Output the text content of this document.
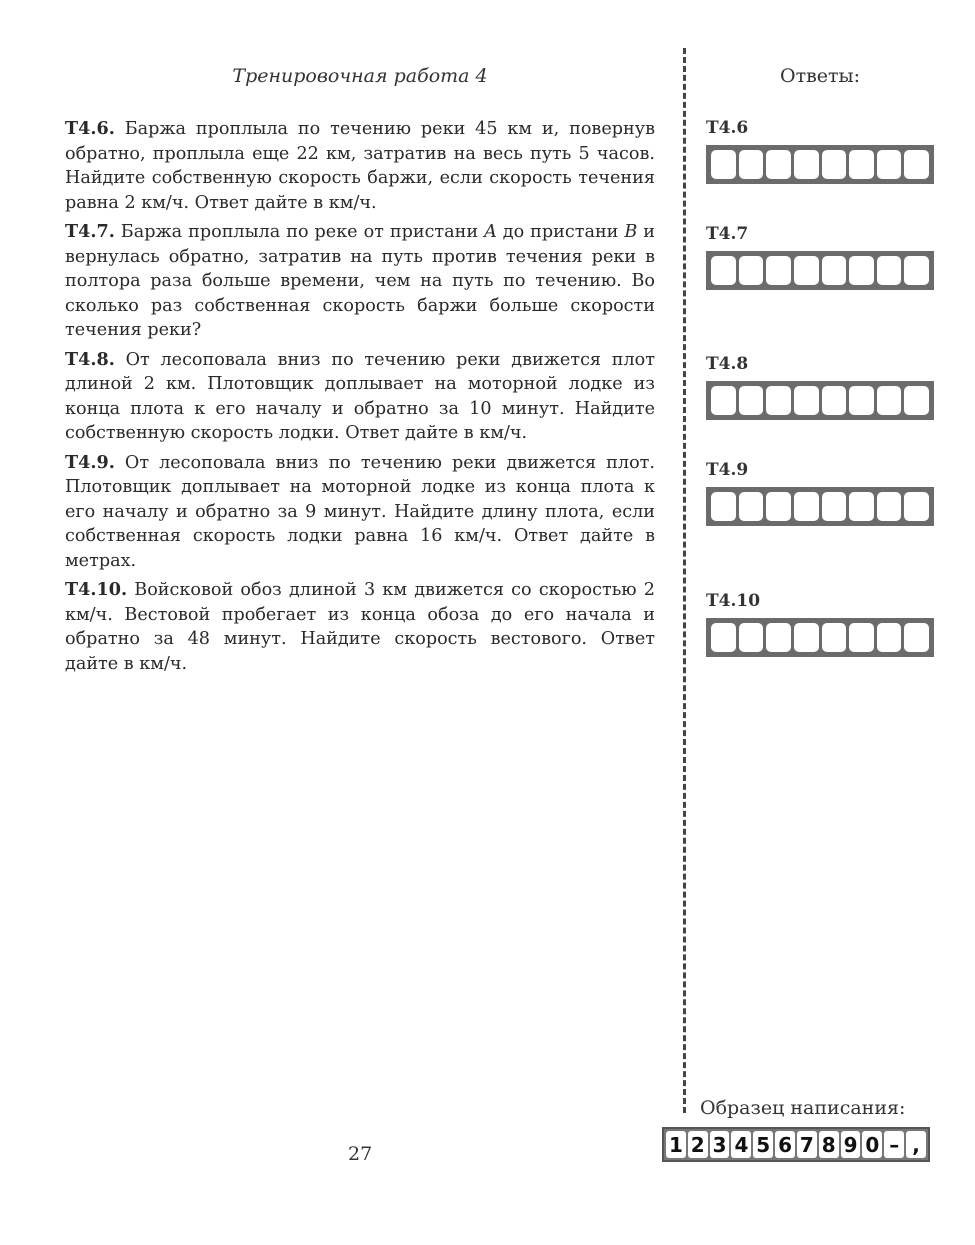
Тренировочная работа 4	Ответы:

Т4.6. Баржа проплыла по течению реки 45 км и, повернув обратно, проплыла еще 22 км, затратив на весь путь 5 часов. Найдите собственную скорость баржи, если скорость течения равна 2 км/ч. Ответ дайте в км/ч.

Т4.7. Баржа проплыла по реке от пристани A до пристани B и вернулась обратно, затратив на путь против течения реки в полтора раза больше времени, чем на путь по течению. Во сколько раз собственная скорость баржи больше скорости течения реки?

Т4.8. От лесоповала вниз по течению реки движется плот длиной 2 км. Плотовщик доплывает на моторной лодке из конца плота к его началу и обратно за 10 минут. Найдите собственную скорость лодки. Ответ дайте в км/ч.

Т4.9. От лесоповала вниз по течению реки движется плот. Плотовщик доплывает на моторной лодке из конца плота к его началу и обратно за 9 минут. Найдите длину плота, если собственная скорость лодки равна 16 км/ч. Ответ дайте в метрах.

Т4.10. Войсковой обоз длиной 3 км движется со скоростью 2 км/ч. Вестовой пробегает из конца обоза до его начала и обратно за 48 минут. Найдите скорость вестового. Ответ дайте в км/ч.

Т4.6
Т4.7
Т4.8
Т4.9
Т4.10
Образец написания:
1 2 3 4 5 6 7 8 9 0 – ,
27
